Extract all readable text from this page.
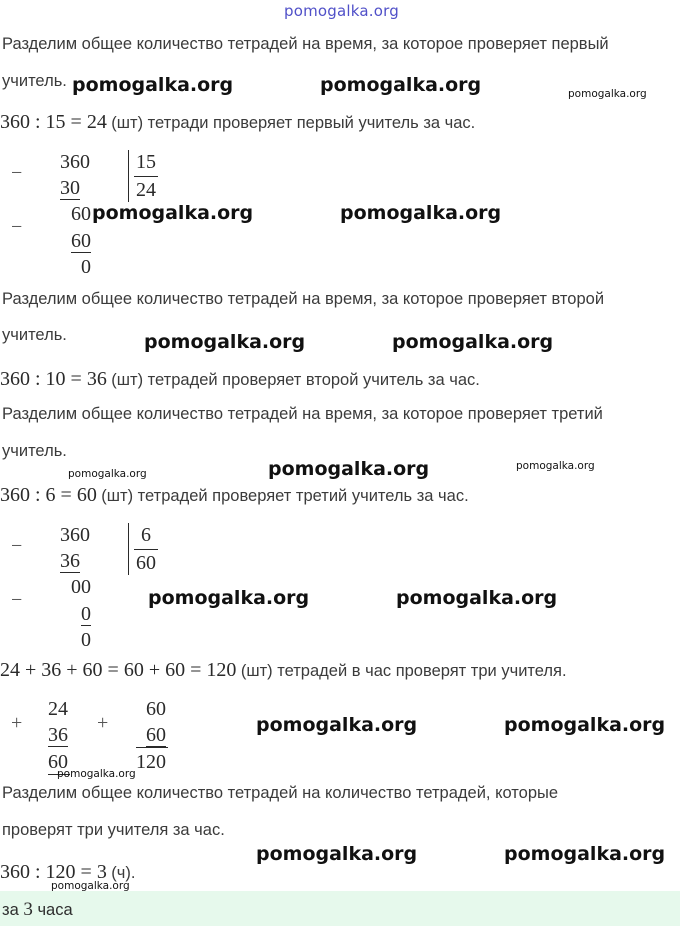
pomogalka.org
Разделим общее количество тетрадей на время, за которое проверяет первый
учитель.
360 : 15 = 24 (шт) тетради проверяет первый учитель за час.
−
−
360
30
60
60
0
15
24
Разделим общее количество тетрадей на время, за которое проверяет второй
учитель.
360 : 10 = 36 (шт) тетрадей проверяет второй учитель за час.
Разделим общее количество тетрадей на время, за которое проверяет третий
учитель.
360 : 6 = 60 (шт) тетрадей проверяет третий учитель за час.
−
−
360
36
00
0
0
6
60
24 + 36 + 60 = 60 + 60 = 120 (шт) тетрадей в час проверят три учителя.
+
24
36
60
+
60
60
120
Разделим общее количество тетрадей на количество тетрадей, которые
проверят три учителя за час.
360 : 120 = 3 (ч).
за 3 часа
pomogalka.org	pomogalka.org	pomogalka.org
pomogalka.org	pomogalka.org
pomogalka.org	pomogalka.org
pomogalka.org	pomogalka.org	pomogalka.org
pomogalka.org	pomogalka.org
pomogalka.org	pomogalka.org
pomogalka.org
pomogalka.org	pomogalka.org
pomogalka.org
